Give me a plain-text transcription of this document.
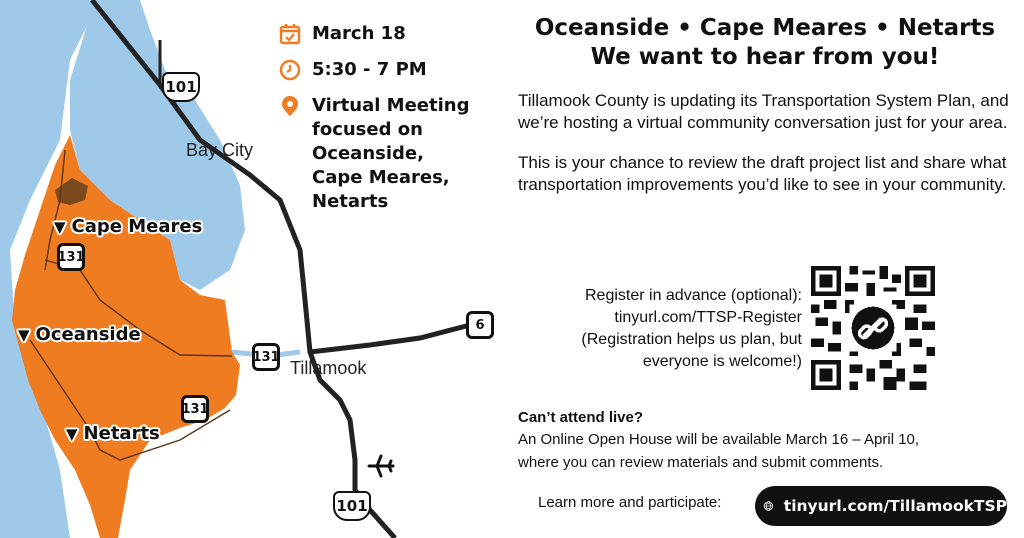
Bay City
Tillamook
▼ Cape Meares
▼ Oceanside
▼ Netarts
101
101
131
131
131
6
March 18
5:30 - 7 PM
Virtual Meeting
focused on
Oceanside,
Cape Meares,
Netarts
Oceanside • Cape Meares • Netarts
We want to hear from you!

Tillamook County is updating its Transportation System Plan, and we’re hosting a virtual community conversation just for your area.

This is your chance to review the draft project list and share what transportation improvements you’d like to see in your community.

Register in advance (optional):
tinyurl.com/TTSP-Register
(Registration helps us plan, but
everyone is welcome!)
Can’t attend live?
An Online Open House will be available March 16 – April 10,
where you can review materials and submit comments.
Learn more and participate:	tinyurl.com/TillamookTSP
